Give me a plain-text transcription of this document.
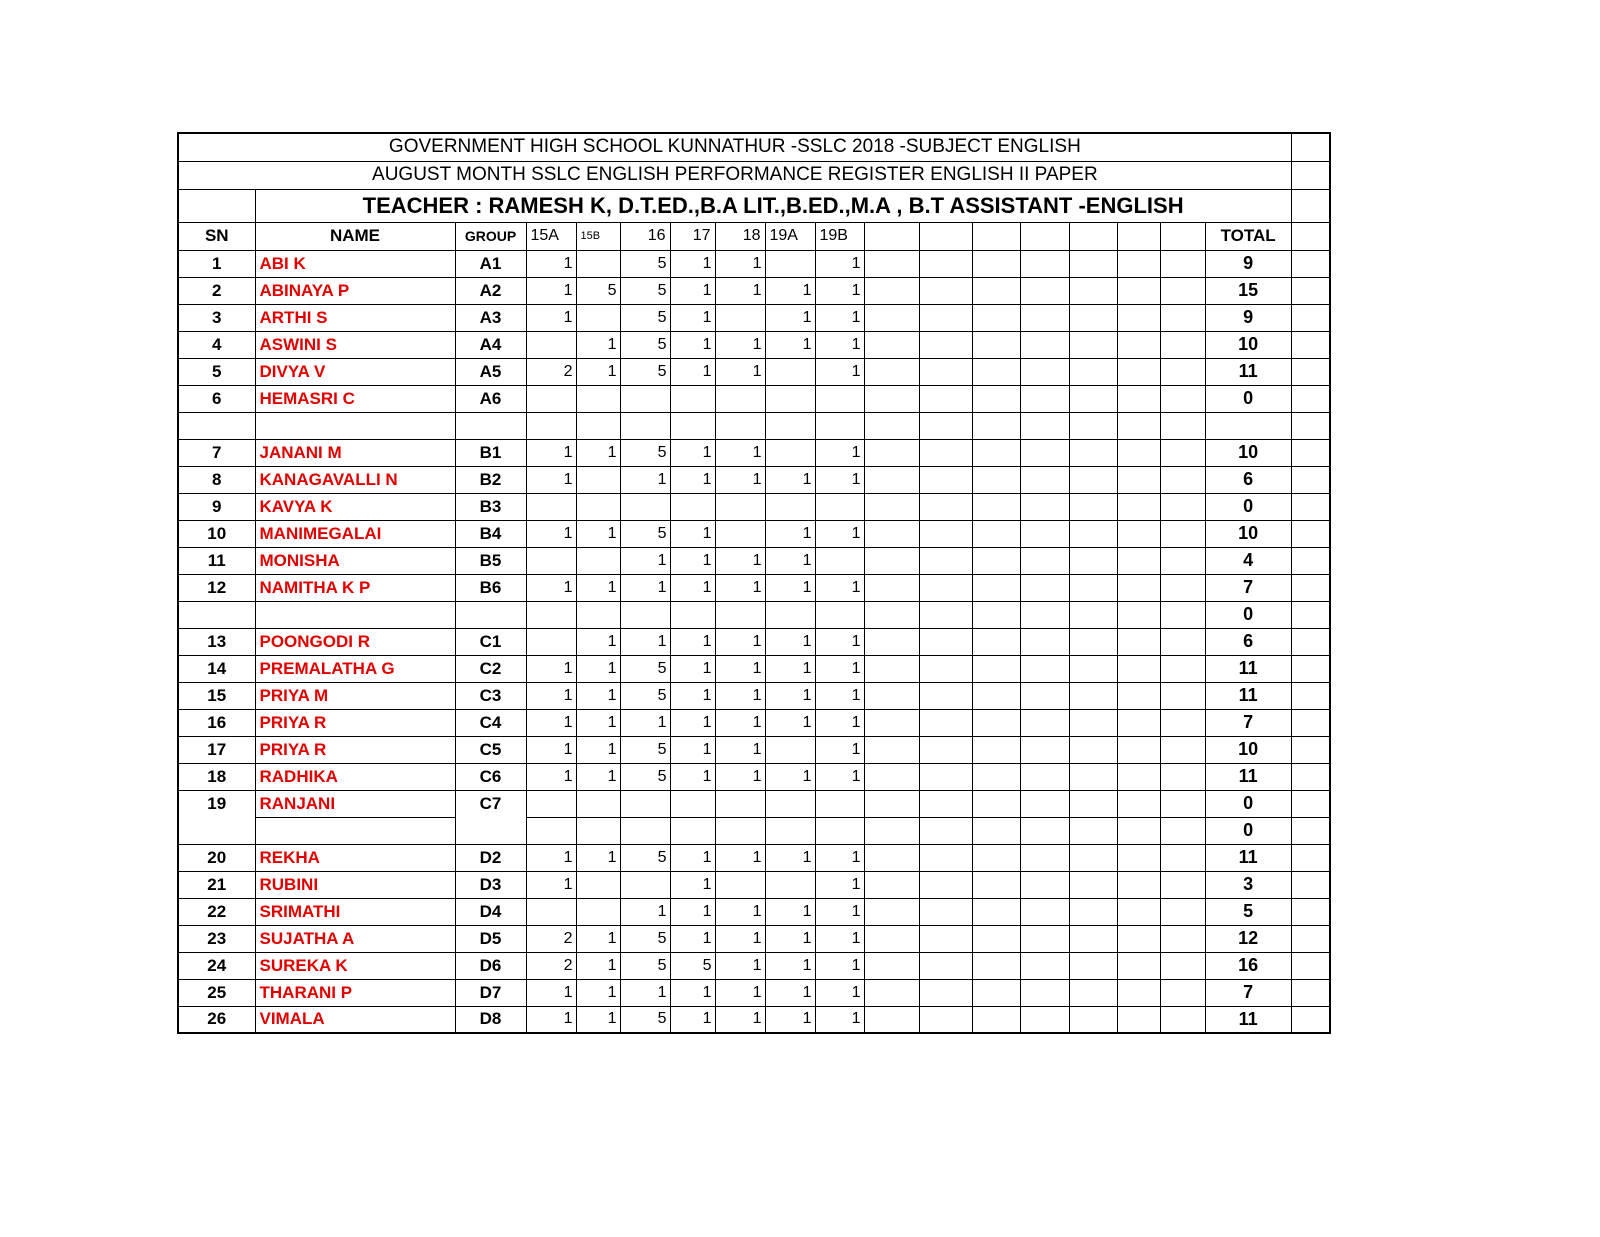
GOVERNMENT HIGH SCHOOL KUNNATHUR -SSLC 2018 -SUBJECT ENGLISH																		
AUGUST MONTH SSLC ENGLISH PERFORMANCE REGISTER ENGLISH II PAPER																		
	TEACHER : RAMESH K, D.T.ED.,B.A LIT.,B.ED.,M.A , B.T ASSISTANT -ENGLISH																	
SN	NAME	GROUP	15A	15B	16	17	18	19A	19B								TOTAL	
1	ABI K	A1	1		5	1	1		1								9	
2	ABINAYA P	A2	1	5	5	1	1	1	1								15	
3	ARTHI S	A3	1		5	1		1	1								9	
4	ASWINI S	A4		1	5	1	1	1	1								10	
5	DIVYA V	A5	2	1	5	1	1		1								11	
6	HEMASRI C	A6															0	

7	JANANI M	B1	1	1	5	1	1		1								10	
8	KANAGAVALLI N	B2	1		1	1	1	1	1								6	
9	KAVYA K	B3															0	
10	MANIMEGALAI	B4	1	1	5	1		1	1								10	
11	MONISHA	B5			1	1	1	1									4	
12	NAMITHA K P	B6	1	1	1	1	1	1	1								7	
																	0	
13	POONGODI R	C1		1	1	1	1	1	1								6	
14	PREMALATHA G	C2	1	1	5	1	1	1	1								11	
15	PRIYA M	C3	1	1	5	1	1	1	1								11	
16	PRIYA R	C4	1	1	1	1	1	1	1								7	
17	PRIYA R	C5	1	1	5	1	1		1								10	
18	RADHIKA	C6	1	1	5	1	1	1	1								11	
19	RANJANI	C7															0	
																	0	
20	REKHA	D2	1	1	5	1	1	1	1								11	
21	RUBINI	D3	1			1			1								3	
22	SRIMATHI	D4			1	1	1	1	1								5	
23	SUJATHA A	D5	2	1	5	1	1	1	1								12	
24	SUREKA K	D6	2	1	5	5	1	1	1								16	
25	THARANI P	D7	1	1	1	1	1	1	1								7	
26	VIMALA	D8	1	1	5	1	1	1	1								11	
